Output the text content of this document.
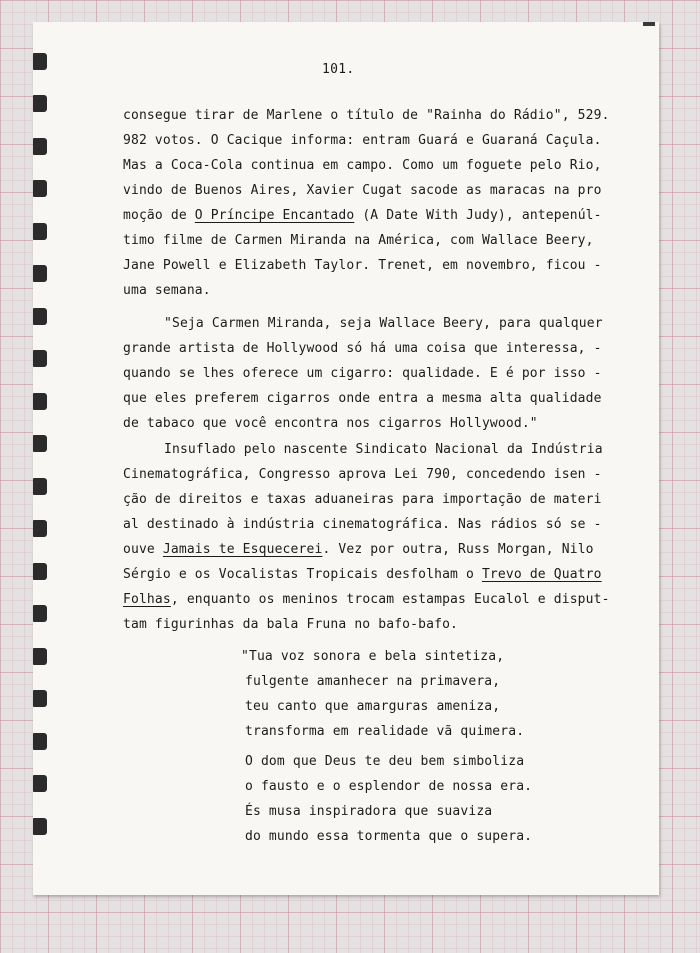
101.
consegue tirar de Marlene o título de "Rainha do Rádio", 529.
982 votos. O Cacique informa: entram Guará e Guaraná Caçula.
Mas a Coca-Cola continua em campo. Como um foguete pelo Rio,
vindo de Buenos Aires, Xavier Cugat sacode as maracas na pro
moção de O Príncipe Encantado (A Date With Judy), antepenúl-
timo filme de Carmen Miranda na América, com Wallace Beery,
Jane Powell e Elizabeth Taylor. Trenet, em novembro, ficou -
uma semana.
"Seja Carmen Miranda, seja Wallace Beery, para qualquer
grande artista de Hollywood só há uma coisa que interessa, -
quando se lhes oferece um cigarro: qualidade. E é por isso -
que eles preferem cigarros onde entra a mesma alta qualidade
de tabaco que você encontra nos cigarros Hollywood."
Insuflado pelo nascente Sindicato Nacional da Indústria
Cinematográfica, Congresso aprova Lei 790, concedendo isen -
ção de direitos e taxas aduaneiras para importação de materi
al destinado à indústria cinematográfica. Nas rádios só se -
ouve Jamais te Esquecerei. Vez por outra, Russ Morgan, Nilo
Sérgio e os Vocalistas Tropicais desfolham o Trevo de Quatro
Folhas, enquanto os meninos trocam estampas Eucalol e disput-
tam figurinhas da bala Fruna no bafo-bafo.
"Tua voz sonora e bela sintetiza,
fulgente amanhecer na primavera,
teu canto que amarguras ameniza,
transforma em realidade vã quimera.
O dom que Deus te deu bem simboliza
o fausto e o esplendor de nossa era.
És musa inspiradora que suaviza
do mundo essa tormenta que o supera.
